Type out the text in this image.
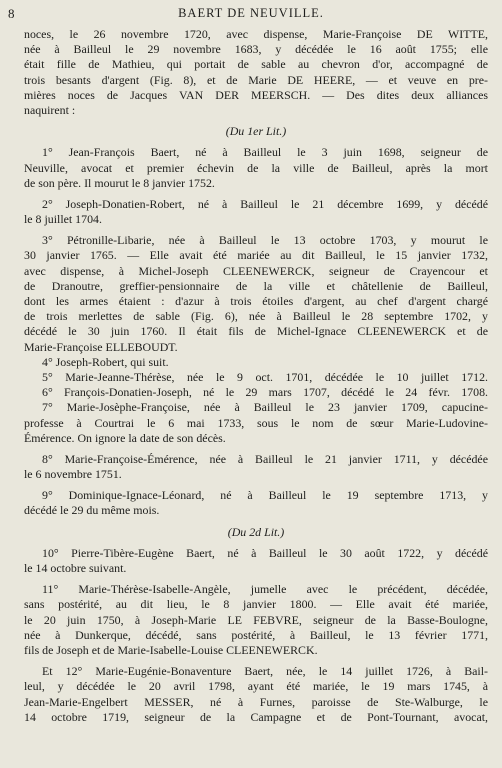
8	BAERT DE NEUVILLE.
noces, le 26 novembre 1720, avec dispense, Marie-Françoise DE WITTE,
née à Bailleul le 29 novembre 1683, y décédée le 16 août 1755; elle
était fille de Mathieu, qui portait de sable au chevron d'or, accompagné de
trois besants d'argent (Fig. 8), et de Marie DE HEERE, — et veuve en pre-
mières noces de Jacques VAN DER MEERSCH. — Des dites deux alliances
naquirent :
(Du 1er Lit.)
1° Jean-François Baert, né à Bailleul le 3 juin 1698, seigneur de
Neuville, avocat et premier échevin de la ville de Bailleul, après la mort
de son père. Il mourut le 8 janvier 1752.
2° Joseph-Donatien-Robert, né à Bailleul le 21 décembre 1699, y décédé
le 8 juillet 1704.
3° Pétronille-Libarie, née à Bailleul le 13 octobre 1703, y mourut le
30 janvier 1765. — Elle avait été mariée au dit Bailleul, le 15 janvier 1732,
avec dispense, à Michel-Joseph CLEENEWERCK, seigneur de Crayencour et
de Dranoutre, greffier-pensionnaire de la ville et châtellenie de Bailleul,
dont les armes étaient : d'azur à trois étoiles d'argent, au chef d'argent chargé
de trois merlettes de sable (Fig. 6), née à Bailleul le 28 septembre 1702, y
décédé le 30 juin 1760. Il était fils de Michel-Ignace CLEENEWERCK et de
Marie-Françoise ELLEBOUDT.
4° Joseph-Robert, qui suit.
5° Marie-Jeanne-Thérèse, née le 9 oct. 1701, décédée le 10 juillet 1712.
6° François-Donatien-Joseph, né le 29 mars 1707, décédé le 24 févr. 1708.
7° Marie-Josèphe-Françoise, née à Bailleul le 23 janvier 1709, capucine-
professe à Courtrai le 6 mai 1733, sous le nom de sœur Marie-Ludovine-
Émérence. On ignore la date de son décès.
8° Marie-Françoise-Émérence, née à Bailleul le 21 janvier 1711, y décédée
le 6 novembre 1751.
9° Dominique-Ignace-Léonard, né à Bailleul le 19 septembre 1713, y
décédé le 29 du même mois.
(Du 2d Lit.)
10° Pierre-Tibère-Eugène Baert, né à Bailleul le 30 août 1722, y décédé
le 14 octobre suivant.
11° Marie-Thérèse-Isabelle-Angèle, jumelle avec le précédent, décédée,
sans postérité, au dit lieu, le 8 janvier 1800. — Elle avait été mariée,
le 20 juin 1750, à Joseph-Marie LE FEBVRE, seigneur de la Basse-Boulogne,
née à Dunkerque, décédé, sans postérité, à Bailleul, le 13 février 1771,
fils de Joseph et de Marie-Isabelle-Louise CLEENEWERCK.
Et 12° Marie-Eugénie-Bonaventure Baert, née, le 14 juillet 1726, à Bail-
leul, y décédée le 20 avril 1798, ayant été mariée, le 19 mars 1745, à
Jean-Marie-Engelbert MESSER, né à Furnes, paroisse de Ste-Walburge, le
14 octobre 1719, seigneur de la Campagne et de Pont-Tournant, avocat,
